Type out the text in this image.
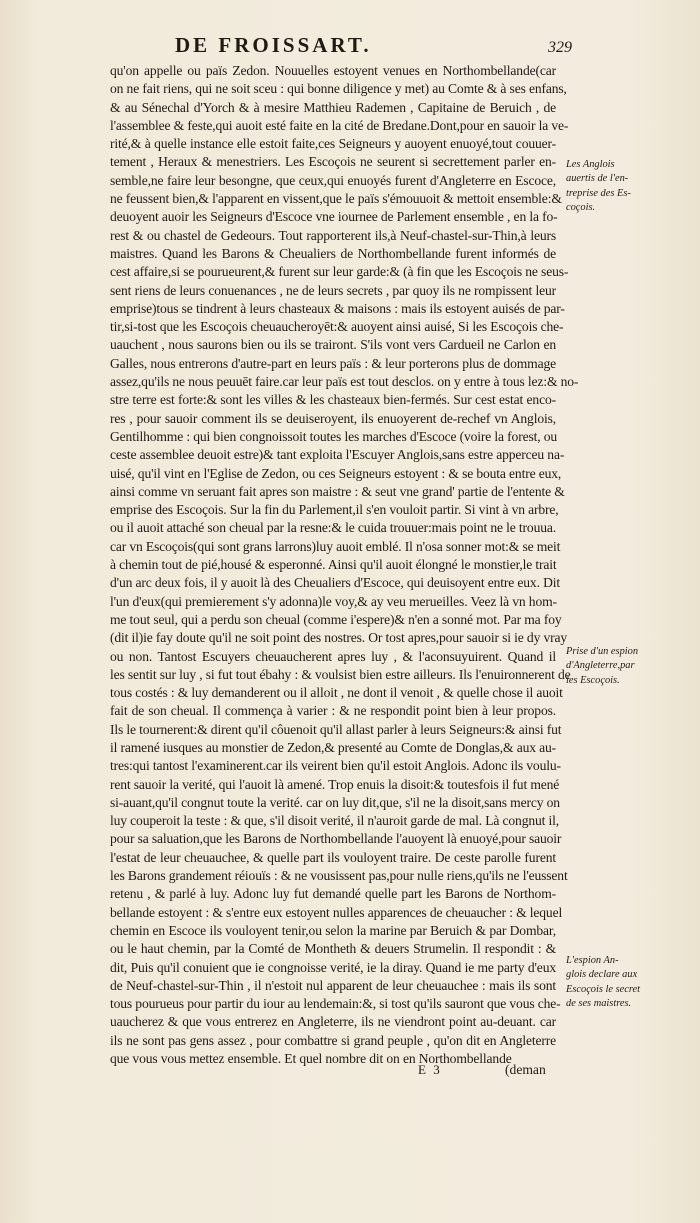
DE FROISSART.	329
qu'on appelle ou païs Zedon. Nouuelles estoyent venues en Northombellande(car
on ne fait riens, qui ne soit sceu : qui bonne diligence y met) au Comte & à ses enfans,
& au Sénechal d'Yorch & à mesire Matthieu Rademen , Capitaine de Beruich , de
l'assemblee & feste,qui auoit esté faite en la cité de Bredane.Dont,pour en sauoir la ve-
rité,& à quelle instance elle estoit faite,ces Seigneurs y auoyent enuoyé,tout couuer-
tement , Heraux & menestriers. Les Escoçois ne seurent si secrettement parler en-
semble,ne faire leur besongne, que ceux,qui enuoyés furent d'Angleterre en Escoce,
ne feussent bien,& l'apparent en vissent,que le païs s'émouuoit & mettoit ensemble:&
deuoyent auoir les Seigneurs d'Escoce vne iournee de Parlement ensemble , en la fo-
rest & ou chastel de Gedeours. Tout rapporterent ils,à Neuf-chastel-sur-Thin,à leurs
maistres. Quand les Barons & Cheualiers de Northombellande furent informés de
cest affaire,si se pourueurent,& furent sur leur garde:& (à fin que les Escoçois ne seus-
sent riens de leurs conuenances , ne de leurs secrets , par quoy ils ne rompissent leur
emprise)tous se tindrent à leurs chasteaux & maisons : mais ils estoyent auisés de par-
tir,si-tost que les Escoçois cheuaucheroyēt:& auoyent ainsi auisé, Si les Escoçois che-
uauchent , nous saurons bien ou ils se trairont. S'ils vont vers Cardueil ne Carlon en
Galles, nous entrerons d'autre-part en leurs païs : & leur porterons plus de dommage
assez,qu'ils ne nous peuuēt faire.car leur païs est tout desclos. on y entre à tous lez:& no-
stre terre est forte:& sont les villes & les chasteaux bien-fermés. Sur cest estat enco-
res , pour sauoir comment ils se deuiseroyent, ils enuoyerent de-rechef vn Anglois,
Gentilhomme : qui bien congnoissoit toutes les marches d'Escoce (voire la forest, ou
ceste assemblee deuoit estre)& tant exploita l'Escuyer Anglois,sans estre apperceu na-
uisé, qu'il vint en l'Eglise de Zedon, ou ces Seigneurs estoyent : & se bouta entre eux,
ainsi comme vn seruant fait apres son maistre : & seut vne grand' partie de l'entente &
emprise des Escoçois. Sur la fin du Parlement,il s'en vouloit partir. Si vint à vn arbre,
ou il auoit attaché son cheual par la resne:& le cuida trouuer:mais point ne le trouua.
car vn Escoçois(qui sont grans larrons)luy auoit emblé. Il n'osa sonner mot:& se meit
à chemin tout de pié,housé & esperonné. Ainsi qu'il auoit élongné le monstier,le trait
d'un arc deux fois, il y auoit là des Cheualiers d'Escoce, qui deuisoyent entre eux. Dit
l'un d'eux(qui premierement s'y adonna)le voy,& ay veu merueilles. Veez là vn hom-
me tout seul, qui a perdu son cheual (comme i'espere)& n'en a sonné mot. Par ma foy
(dit il)ie fay doute qu'il ne soit point des nostres. Or tost apres,pour sauoir si ie dy vray
ou non. Tantost Escuyers cheuaucherent apres luy , & l'aconsuyuirent. Quand il
les sentit sur luy , si fut tout ébahy : & voulsist bien estre ailleurs. Ils l'enuironnerent de
tous costés : & luy demanderent ou il alloit , ne dont il venoit , & quelle chose il auoit
fait de son cheual. Il commença à varier : & ne respondit point bien à leur propos.
Ils le tournerent:& dirent qu'il côuenoit qu'il allast parler à leurs Seigneurs:& ainsi fut
il ramené iusques au monstier de Zedon,& presenté au Comte de Donglas,& aux au-
tres:qui tantost l'examinerent.car ils veirent bien qu'il estoit Anglois. Adonc ils voulu-
rent sauoir la verité, qui l'auoit là amené. Trop enuis la disoit:& toutesfois il fut mené
si-auant,qu'il congnut toute la verité. car on luy dit,que, s'il ne la disoit,sans mercy on
luy couperoit la teste : & que, s'il disoit verité, il n'auroit garde de mal. Là congnut il,
pour sa saluation,que les Barons de Northombellande l'auoyent là enuoyé,pour sauoir
l'estat de leur cheuauchee, & quelle part ils vouloyent traire. De ceste parolle furent
les Barons grandement réiouïs : & ne vousissent pas,pour nulle riens,qu'ils ne l'eussent
retenu , & parlé à luy. Adonc luy fut demandé quelle part les Barons de Northom-
bellande estoyent : & s'entre eux estoyent nulles apparences de cheuaucher : & lequel
chemin en Escoce ils vouloyent tenir,ou selon la marine par Beruich & par Dombar,
ou le haut chemin, par la Comté de Montheth & deuers Strumelin. Il respondit : &
dit, Puis qu'il conuient que ie congnoisse verité, ie la diray. Quand ie me party d'eux
de Neuf-chastel-sur-Thin , il n'estoit nul apparent de leur cheuauchee : mais ils sont
tous pourueus pour partir du iour au lendemain:&, si tost qu'ils sauront que vous che-
uaucherez & que vous entrerez en Angleterre, ils ne viendront point au-deuant. car
ils ne sont pas gens assez , pour combattre si grand peuple , qu'on dit en Angleterre
que vous vous mettez ensemble. Et quel nombre dit on en Northombellande
Les Anglois
auertis de l'en-
treprise des Es-
coçois.
Prise d'un espion
d'Angleterre,par
les Escoçois.
L'espion An-
glois declare aux
Escoçois le secret
de ses maistres.
E 3	(deman
